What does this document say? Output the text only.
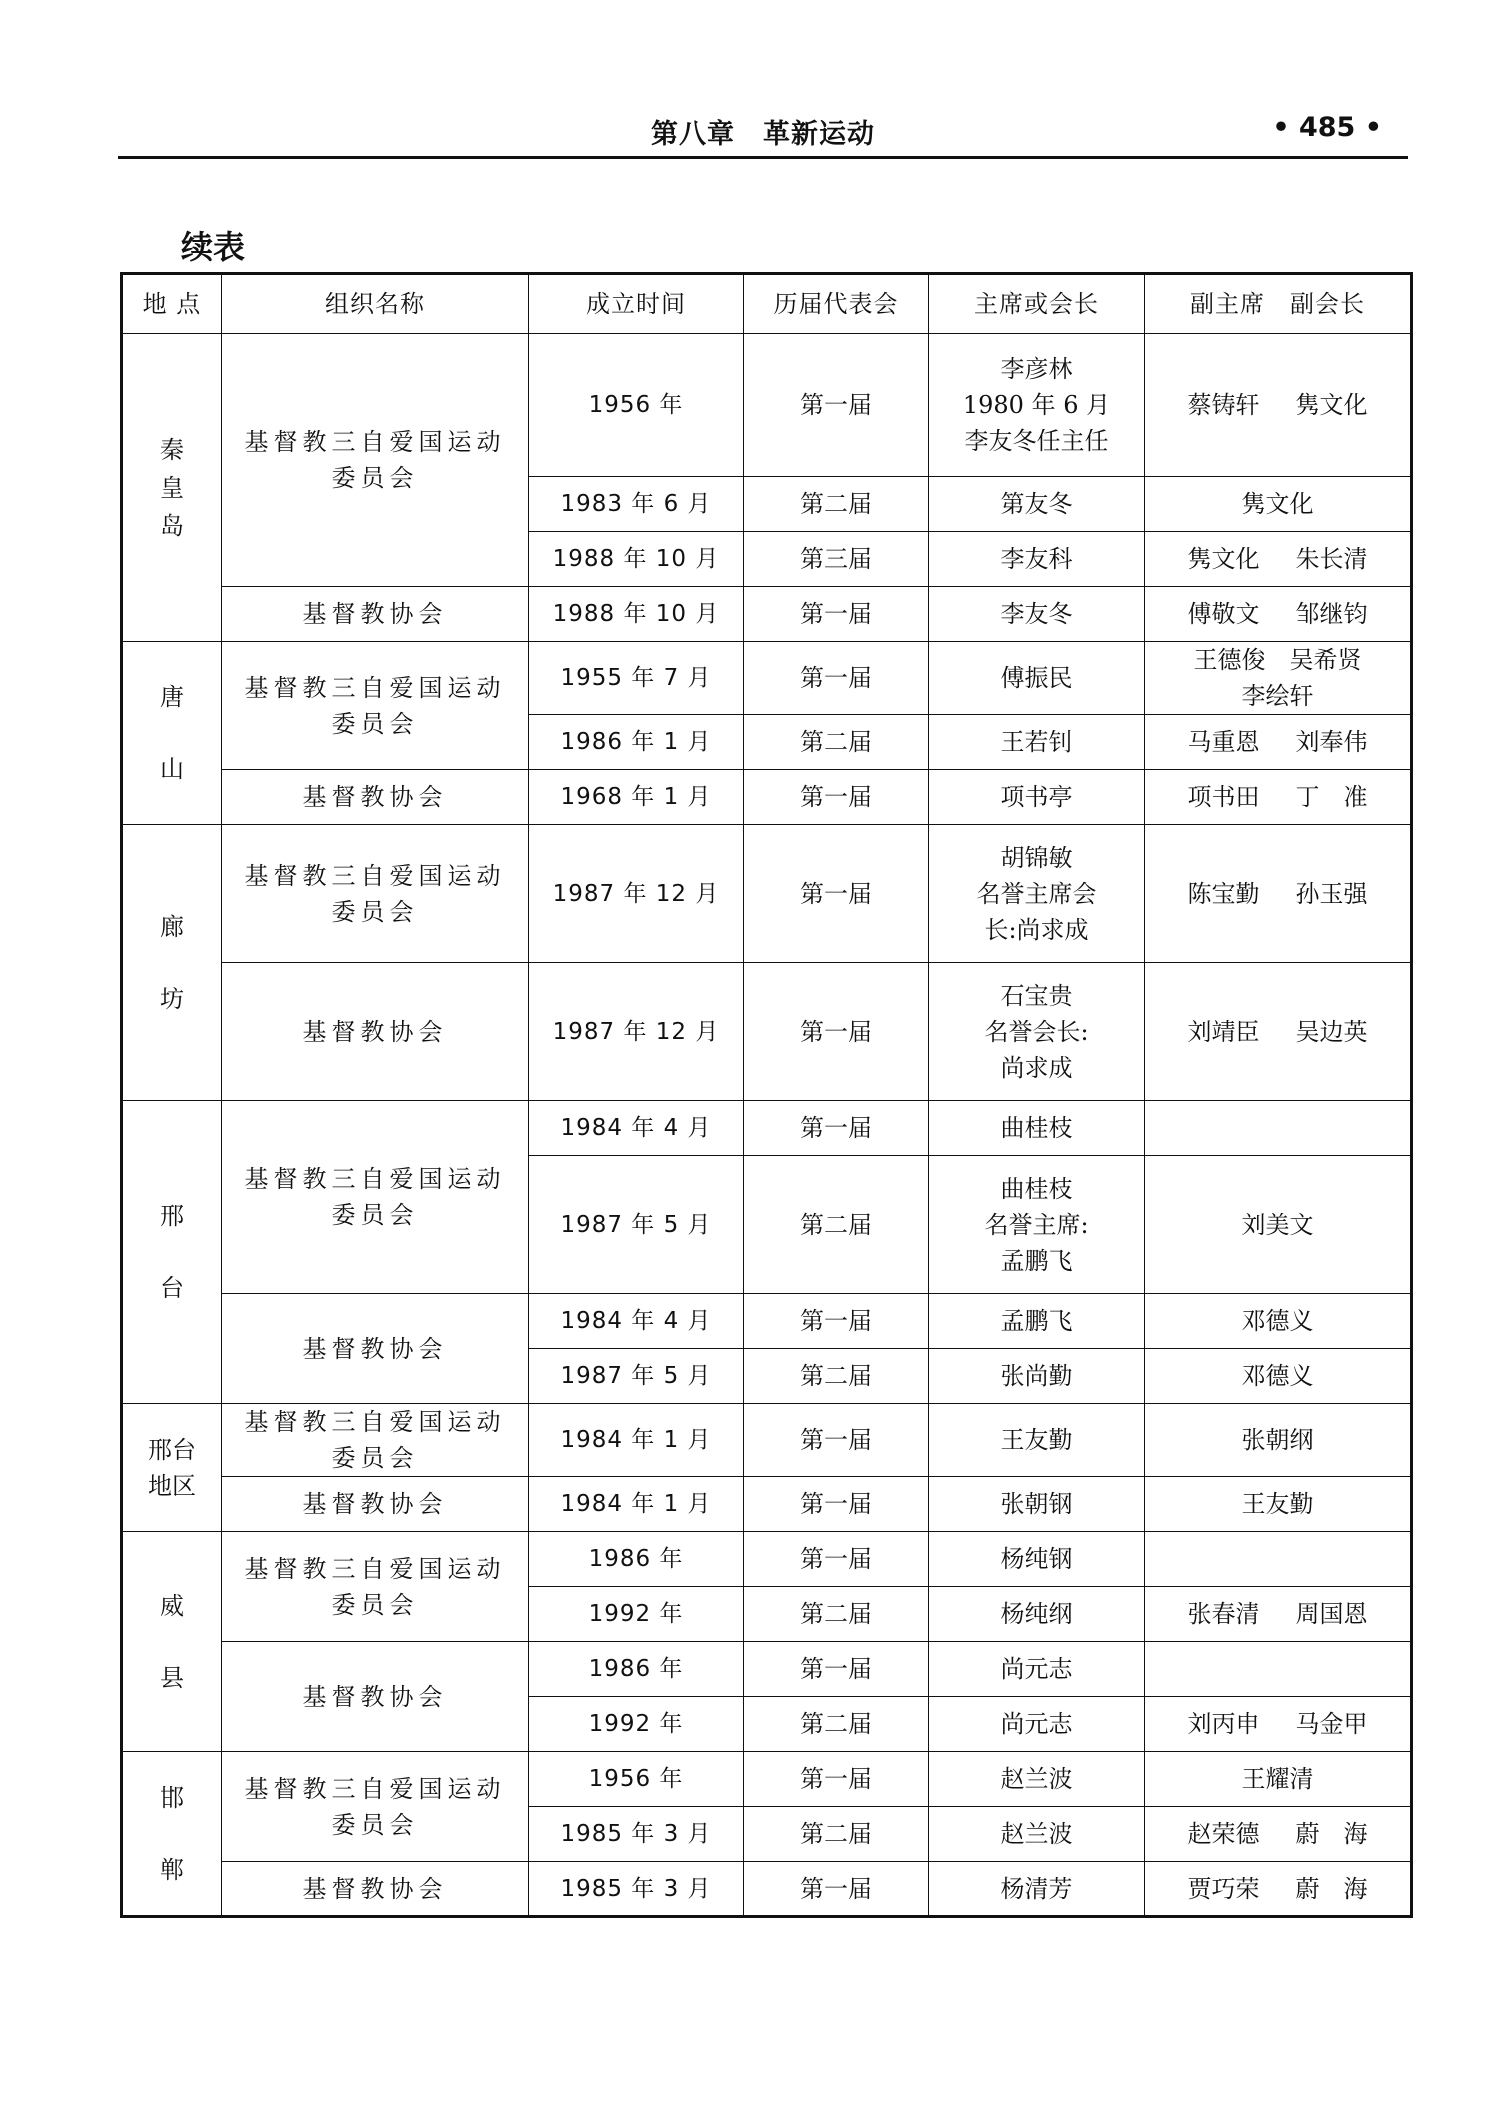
第八章　革新运动	• 485 •
续表
地 点	组织名称	成立时间	历届代表会	主席或会长	副主席　副会长

秦
皇
岛	基督教三自爱国运动
委员会	1956 年	第一届	李彦林
1980 年 6 月
李友冬任主任	蔡铸轩 隽文化
		1983 年 6 月	第二届	第友冬	隽文化

		1988 年 10 月	第三届	李友科	隽文化 朱长清

	基督教协会	1988 年 10 月	第一届	李友冬	傅敬文 邹继钧

唐
山	基督教三自爱国运动
委员会	1955 年 7 月	第一届	傅振民	王德俊　吴希贤
李绘轩

		1986 年 1 月	第二届	王若钊	马重恩 刘奉伟

	基督教协会	1968 年 1 月	第一届	项书亭	项书田 丁　准

廊
坊	基督教三自爱国运动
委员会	1987 年 12 月	第一届	胡锦敏
名誉主席会
长:尚求成	陈宝勤 孙玉强

	基督教协会	1987 年 12 月	第一届	石宝贵
名誉会长:
尚求成	刘靖臣 吴边英

邢
台	基督教三自爱国运动
委员会	1984 年 4 月	第一届	曲桂枝	

		1987 年 5 月	第二届	曲桂枝
名誉主席:
孟鹏飞	刘美文

	基督教协会	1984 年 4 月	第一届	孟鹏飞	邓德义

		1987 年 5 月	第二届	张尚勤	邓德义

邢台
地区	基督教三自爱国运动
委员会	1984 年 1 月	第一届	王友勤	张朝纲

	基督教协会	1984 年 1 月	第一届	张朝钢	王友勤

威
县	基督教三自爱国运动
委员会	1986 年	第一届	杨纯钢	

		1992 年	第二届	杨纯纲	张春清 周国恩

	基督教协会	1986 年	第一届	尚元志	

		1992 年	第二届	尚元志	刘丙申 马金甲

邯
郸	基督教三自爱国运动
委员会	1956 年	第一届	赵兰波	王耀清

		1985 年 3 月	第二届	赵兰波	赵荣德 蔚　海

	基督教协会	1985 年 3 月	第一届	杨清芳	贾巧荣 蔚　海
